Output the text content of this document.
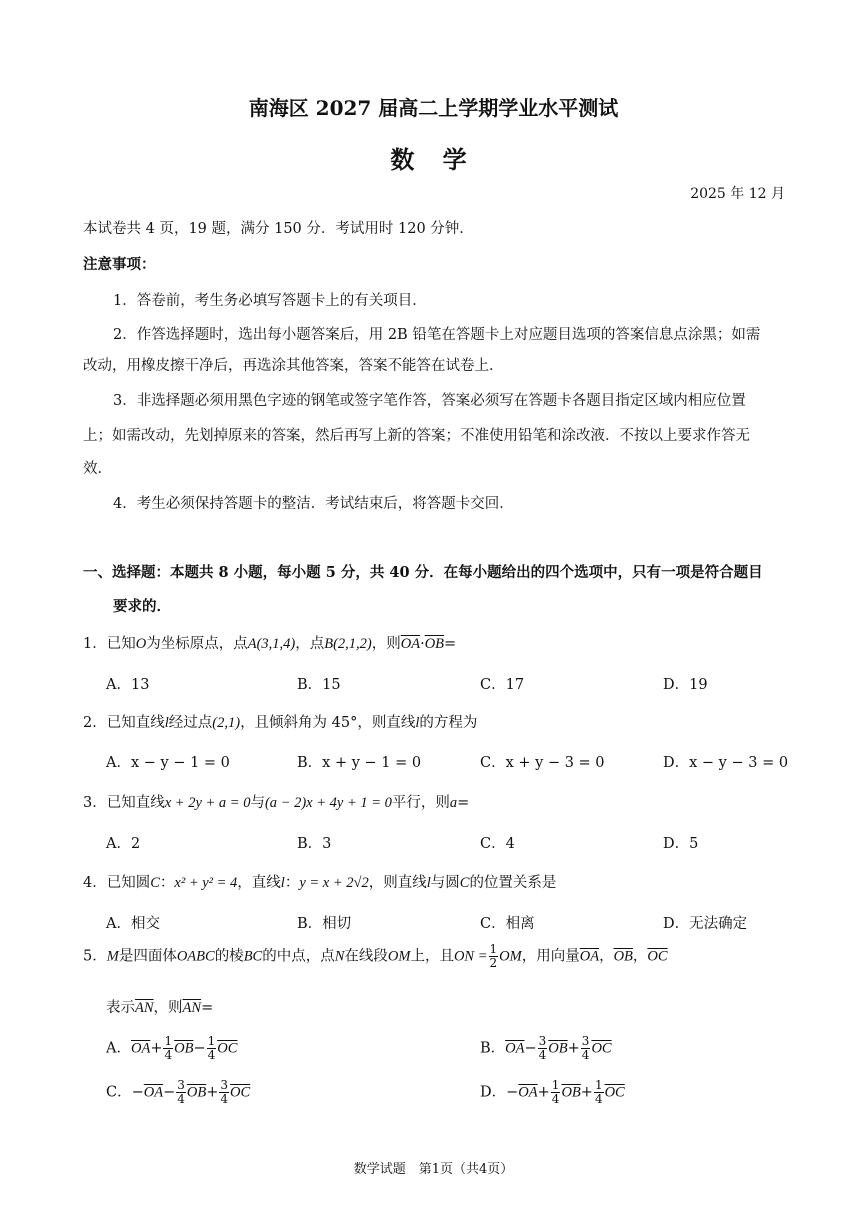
南海区 2027 届高二上学期学业水平测试
数 学
2025 年 12 月
本试卷共 4 页，19 题，满分 150 分．考试用时 120 分钟．
注意事项：
1．答卷前，考生务必填写答题卡上的有关项目．
2．作答选择题时，选出每小题答案后，用 2B 铅笔在答题卡上对应题目选项的答案信息点涂黑；如需
改动，用橡皮擦干净后，再选涂其他答案，答案不能答在试卷上．
3．非选择题必须用黑色字迹的钢笔或签字笔作答，答案必须写在答题卡各题目指定区域内相应位置
上；如需改动，先划掉原来的答案，然后再写上新的答案；不准使用铅笔和涂改液．不按以上要求作答无
效．
4．考生必须保持答题卡的整洁．考试结束后，将答题卡交回．
一、选择题：本题共 8 小题，每小题 5 分，共 40 分．在每小题给出的四个选项中，只有一项是符合题目
要求的．
1．已知O为坐标原点，点A(3,1,4)，点B(2,1,2)，则$\overline{OA}\cdot\overline{OB}=$
A．13	B．15	C．17	D．19
2．已知直线l经过点(2,1)，且倾斜角为 45°，则直线l的方程为
A．x − y − 1 = 0	B．x + y − 1 = 0	C．x + y − 3 = 0	D．x − y − 3 = 0
3．已知直线x + 2y + a = 0与(a − 2)x + 4y + 1 = 0平行，则a=
A．2	B．3	C．4	D．5
4．已知圆C：x² + y² = 4，直线l：y = x + 2√2，则直线l与圆C的位置关系是
A．相交	B．相切	C．相离	D．无法确定
5．M是四面体OABC的棱BC的中点，点N在线段OM上，且ON = $\frac{1}{2}$ OM，用向量$\overline{OA}$，$\overline{OB}$，$\overline{OC}$
表示$\overline{AN}$，则$\overline{AN}=$
A．$\overline{OA}+ \frac{1}{4} \overline{OB}- \frac{1}{4} \overline{OC}$	B．$\overline{OA}- \frac{3}{4} \overline{OB}+ \frac{3}{4} \overline{OC}$
C．$-\overline{OA}- \frac{3}{4} \overline{OB}+ \frac{3}{4} \overline{OC}$	D．$-\overline{OA}+ \frac{1}{4} \overline{OB}+ \frac{1}{4} \overline{OC}$
数学试题　第1页（共4页）
